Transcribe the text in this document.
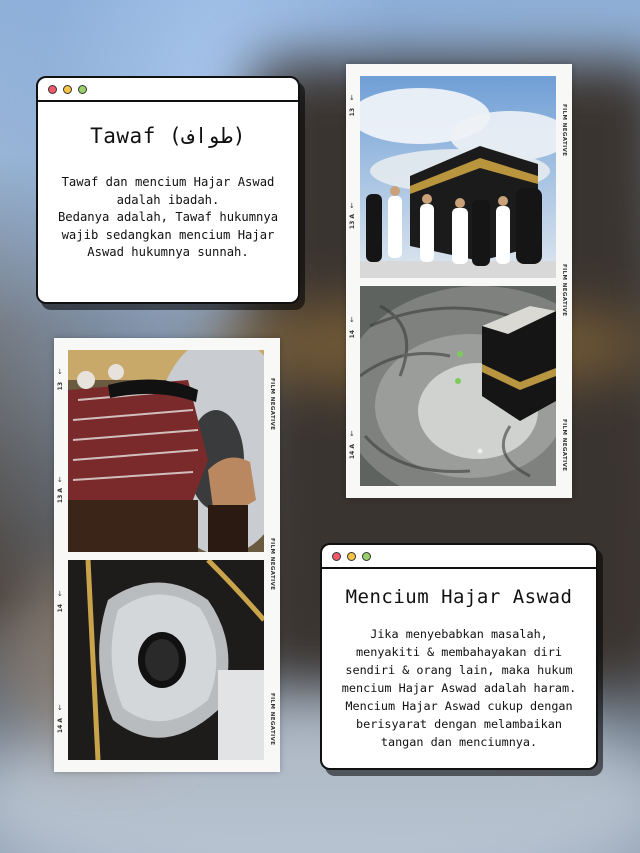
Tawaf (طواف)
Tawaf dan mencium Hajar Aswad
adalah ibadah.
Bedanya adalah, Tawaf hukumnya
wajib sedangkan mencium Hajar
Aswad hukumnya sunnah.
FILM NEGATIVE
FILM NEGATIVE
FILM NEGATIVE
13
13 A
14
14 A
↓
↓
↓
↓
FILM NEGATIVE
FILM NEGATIVE
FILM NEGATIVE
13
13 A
14
14 A
↓
↓
↓
↓
Mencium Hajar Aswad
Jika menyebabkan masalah,
menyakiti & membahayakan diri
sendiri & orang lain, maka hukum
mencium Hajar Aswad adalah haram.
Mencium Hajar Aswad cukup dengan
berisyarat dengan melambaikan
tangan dan menciumnya.
